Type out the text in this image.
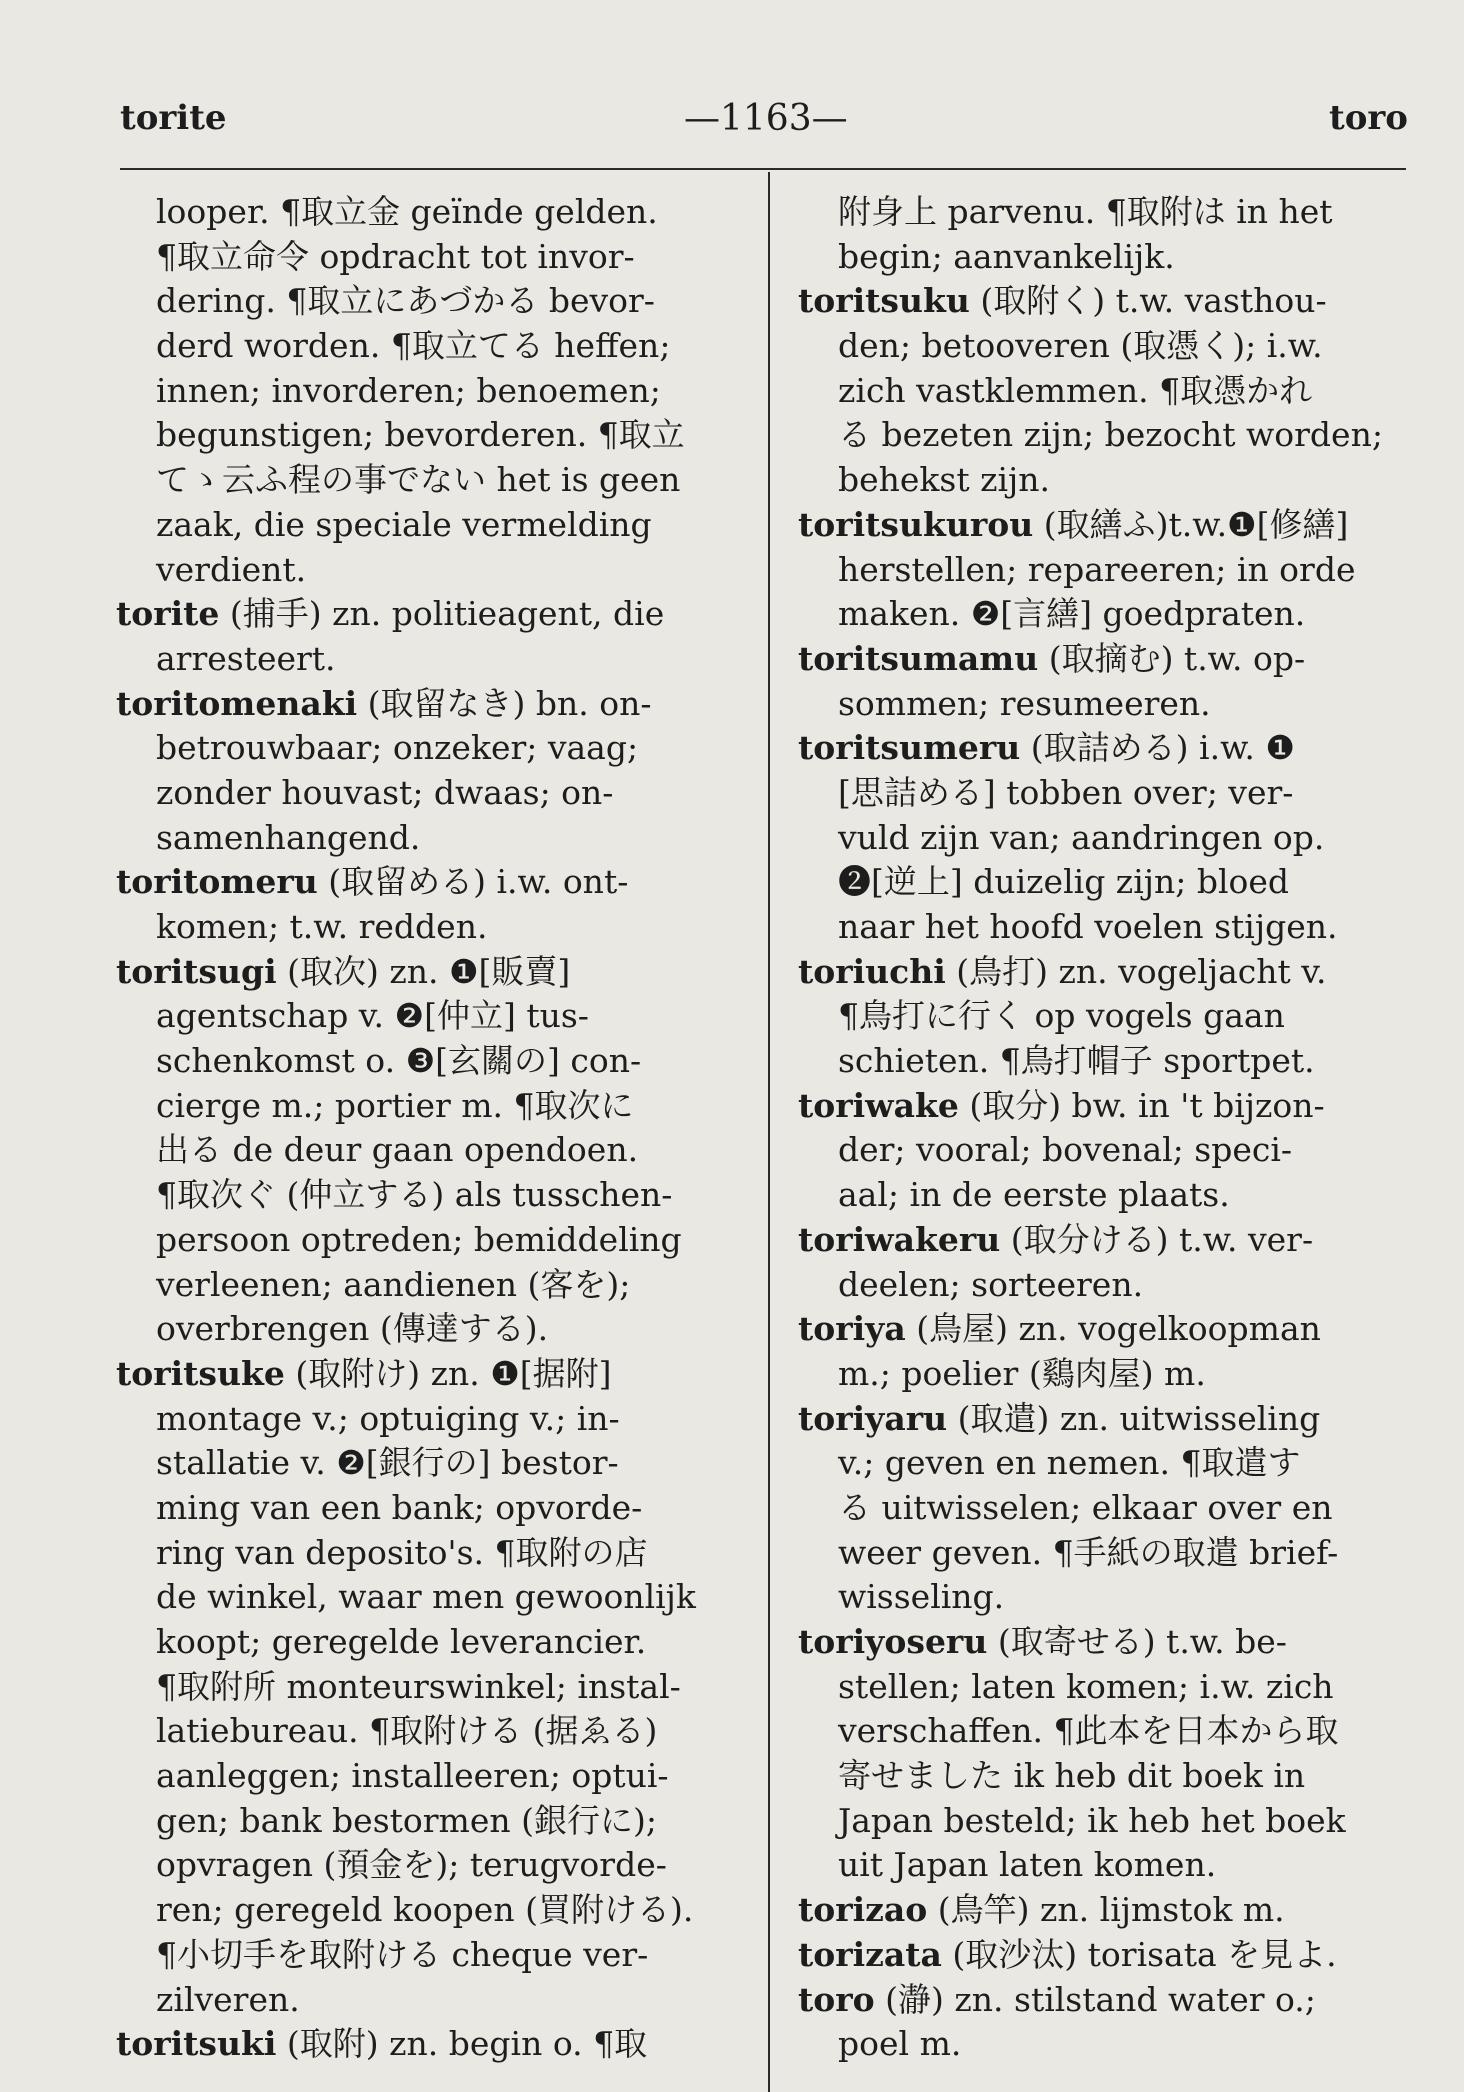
torite	—1163—	toro
looper. ¶取立金 geïnde gelden.
¶取立命令 opdracht tot invor-
dering. ¶取立にあづかる bevor-
derd worden. ¶取立てる heffen;
innen; invorderen; benoemen;
begunstigen; bevorderen. ¶取立
てゝ云ふ程の事でない het is geen
zaak, die speciale vermelding
verdient.
torite (捕手) zn. politieagent, die
arresteert.
toritomenaki (取留なき) bn. on-
betrouwbaar; onzeker; vaag;
zonder houvast; dwaas; on-
samenhangend.
toritomeru (取留める) i.w. ont-
komen; t.w. redden.
toritsugi (取次) zn. ❶[販賣]
agentschap v. ❷[仲立] tus-
schenkomst o. ❸[玄關の] con-
cierge m.; portier m. ¶取次に
出る de deur gaan opendoen.
¶取次ぐ (仲立する) als tusschen-
persoon optreden; bemiddeling
verleenen; aandienen (客を);
overbrengen (傳達する).
toritsuke (取附け) zn. ❶[据附]
montage v.; optuiging v.; in-
stallatie v. ❷[銀行の] bestor-
ming van een bank; opvorde-
ring van deposito's. ¶取附の店
de winkel, waar men gewoonlijk
koopt; geregelde leverancier.
¶取附所 monteurswinkel; instal-
latiebureau. ¶取附ける (据ゑる)
aanleggen; installeeren; optui-
gen; bank bestormen (銀行に);
opvragen (預金を); terugvorde-
ren; geregeld koopen (買附ける).
¶小切手を取附ける cheque ver-
zilveren.
toritsuki (取附) zn. begin o. ¶取
附身上 parvenu. ¶取附は in het
begin; aanvankelijk.
toritsuku (取附く) t.w. vasthou-
den; betooveren (取憑く); i.w.
zich vastklemmen. ¶取憑かれ
る bezeten zijn; bezocht worden;
behekst zijn.
toritsukurou (取繕ふ)t.w.❶[修繕]
herstellen; repareeren; in orde
maken. ❷[言繕] goedpraten.
toritsumamu (取摘む) t.w. op-
sommen; resumeeren.
toritsumeru (取詰める) i.w. ❶
[思詰める] tobben over; ver-
vuld zijn van; aandringen op.
❷[逆上] duizelig zijn; bloed
naar het hoofd voelen stijgen.
toriuchi (鳥打) zn. vogeljacht v.
¶鳥打に行く op vogels gaan
schieten. ¶鳥打帽子 sportpet.
toriwake (取分) bw. in 't bijzon-
der; vooral; bovenal; speci-
aal; in de eerste plaats.
toriwakeru (取分ける) t.w. ver-
deelen; sorteeren.
toriya (鳥屋) zn. vogelkoopman
m.; poelier (鷄肉屋) m.
toriyaru (取遣) zn. uitwisseling
v.; geven en nemen. ¶取遣す
る uitwisselen; elkaar over en
weer geven. ¶手紙の取遣 brief-
wisseling.
toriyoseru (取寄せる) t.w. be-
stellen; laten komen; i.w. zich
verschaffen. ¶此本を日本から取
寄せました ik heb dit boek in
Japan besteld; ik heb het boek
uit Japan laten komen.
torizao (鳥竿) zn. lijmstok m.
torizata (取沙汰) torisata を見よ.
toro (瀞) zn. stilstand water o.;
poel m.
